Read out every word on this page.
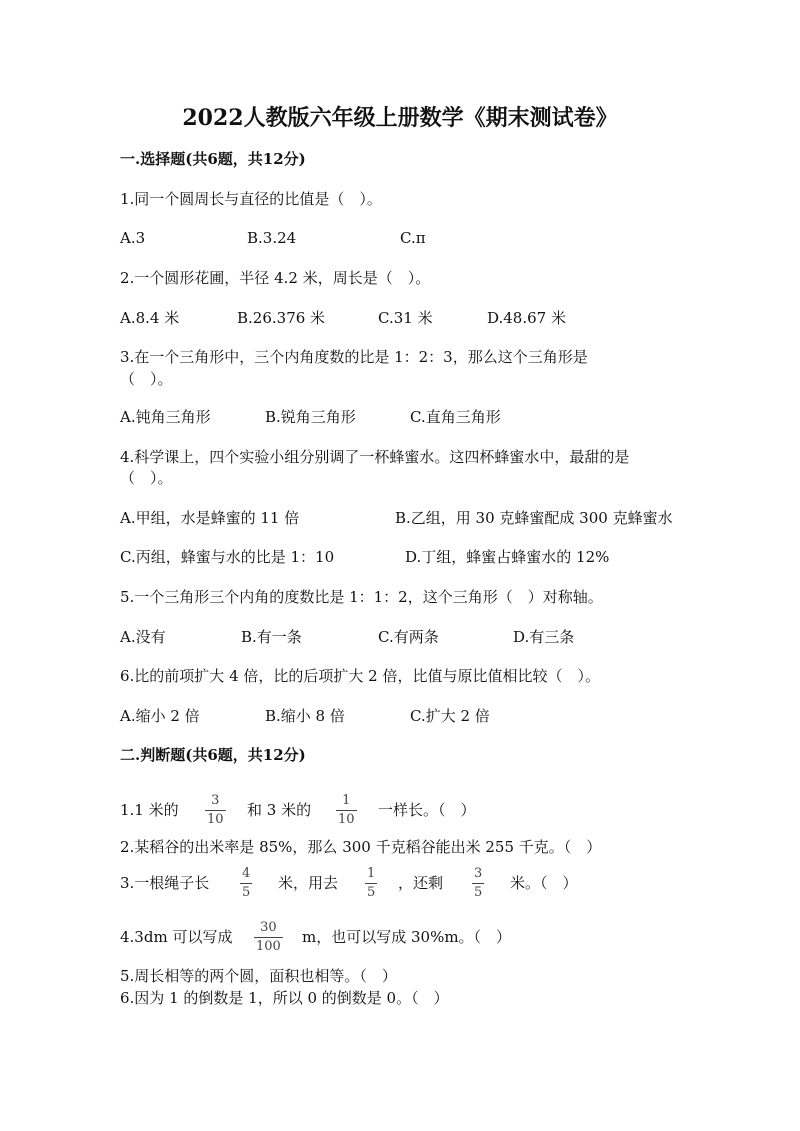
2022人教版六年级上册数学《期末测试卷》
一.选择题(共6题，共12分)
1.同一个圆周长与直径的比值是（　）。
A.3	B.3.24	C.π
2.一个圆形花圃，半径 4.2 米，周长是（　）。
A.8.4 米	B.26.376 米	C.31 米	D.48.67 米
3.在一个三角形中，三个内角度数的比是 1：2：3，那么这个三角形是
（　）。
A.钝角三角形	B.锐角三角形	C.直角三角形
4.科学课上，四个实验小组分别调了一杯蜂蜜水。这四杯蜂蜜水中，最甜的是
（　）。
A.甲组，水是蜂蜜的 11 倍	B.乙组，用 30 克蜂蜜配成 300 克蜂蜜水
C.丙组，蜂蜜与水的比是 1：10	D.丁组，蜂蜜占蜂蜜水的 12%
5.一个三角形三个内角的度数比是 1：1：2，这个三角形（　）对称轴。
A.没有	B.有一条	C.有两条	D.有三条
6.比的前项扩大 4 倍，比的后项扩大 2 倍，比值与原比值相比较（　）。
A.缩小 2 倍	B.缩小 8 倍	C.扩大 2 倍
二.判断题(共6题，共12分)
1.1 米的
3
10
和 3 米的
1
10
一样长。（　）
2.某稻谷的出米率是 85%，那么 300 千克稻谷能出米 255 千克。（　）
3.一根绳子长
4
5
米，用去
1
5
，还剩
3
5
米。（　）
4.3dm 可以写成
30
100
m，也可以写成 30%m。（　）
5.周长相等的两个圆，面积也相等。（　）
6.因为 1 的倒数是 1，所以 0 的倒数是 0。（　）
